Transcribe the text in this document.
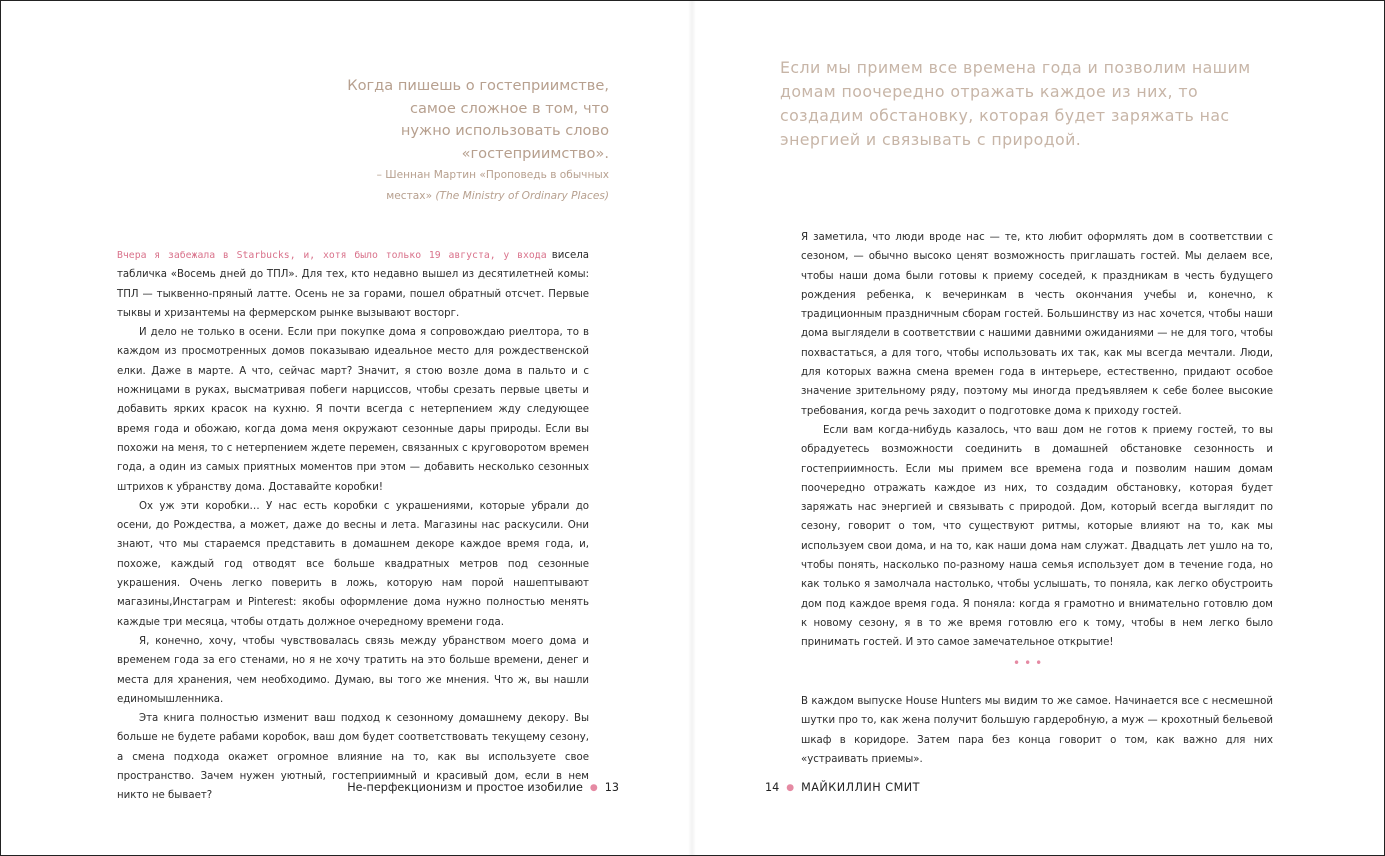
Когда пишешь о гостеприимстве,
самое сложное в том, что
нужно использовать слово
«гостеприимство».
– Шеннан Мартин «Проповедь в обычных местах» (The Ministry of Ordinary Places)

Вчера я забежала в Starbucks, и, хотя было только 19 августа, у входа висела табличка «Восемь дней до ТПЛ». Для тех, кто недавно вышел из десятилетней комы: ТПЛ — тыквенно-пряный латте. Осень не за горами, пошел обратный отсчет. Первые тыквы и хризантемы на фермерском рынке вызывают восторг.

И дело не только в осени. Если при покупке дома я сопровождаю риелтора, то в каждом из просмотренных домов показываю идеальное место для рождественской елки. Даже в марте. А что, сейчас март? Значит, я стою возле дома в пальто и с ножницами в руках, высматривая побеги нарциссов, чтобы срезать первые цветы и добавить ярких красок на кухню. Я почти всегда с нетерпением жду следующее время года и обожаю, когда дома меня окружают сезонные дары природы. Если вы похожи на меня, то с нетерпением ждете перемен, связанных с круговоротом времен года, а один из самых приятных моментов при этом — добавить несколько сезонных штрихов к убранству дома. Доставайте коробки!

Ох уж эти коробки… У нас есть коробки с украшениями, которые убрали до осени, до Рождества, а может, даже до весны и лета. Магазины нас раскусили. Они знают, что мы стараемся представить в домашнем декоре каждое время года, и, похоже, каждый год отводят все больше квадратных метров под сезонные украшения. Очень легко поверить в ложь, которую нам порой нашептывают магазины,Инстаграм и Pinterest: якобы оформление дома нужно полностью менять каждые три месяца, чтобы отдать должное очередному времени года.

Я, конечно, хочу, чтобы чувствовалась связь между убранством моего дома и временем года за его стенами, но я не хочу тратить на это больше времени, денег и места для хранения, чем необходимо. Думаю, вы того же мнения. Что ж, вы нашли единомышленника.

Эта книга полностью изменит ваш подход к сезонному домашнему декору. Вы больше не будете рабами коробок, ваш дом будет соответствовать текущему сезону, а смена подхода окажет огромное влияние на то, как вы используете свое пространство. Зачем нужен уютный, гостеприимный и красивый дом, если в нем никто не бывает?

Не-перфекционизм и простое изобилие ● 13
Если мы примем все времена года и позволим нашим домам поочередно отражать каждое из них, то создадим обстановку, которая будет заряжать нас энергией и связывать с природой.

Я заметила, что люди вроде нас — те, кто любит оформлять дом в соответствии с сезоном, — обычно высоко ценят возможность приглашать гостей. Мы делаем все, чтобы наши дома были готовы к приему соседей, к праздникам в честь будущего рождения ребенка, к вечеринкам в честь окончания учебы и, конечно, к традиционным праздничным сборам гостей. Большинству из нас хочется, чтобы наши дома выглядели в соответствии с нашими давними ожиданиями — не для того, чтобы похвастаться, а для того, чтобы использовать их так, как мы всегда мечтали. Люди, для которых важна смена времен года в интерьере, естественно, придают особое значение зрительному ряду, поэтому мы иногда предъявляем к себе более высокие требования, когда речь заходит о подготовке дома к приходу гостей.

Если вам когда-нибудь казалось, что ваш дом не готов к приему гостей, то вы обрадуетесь возможности соединить в домашней обстановке сезонность и гостеприимность. Если мы примем все времена года и позволим нашим домам поочередно отражать каждое из них, то создадим обстановку, которая будет заряжать нас энергией и связывать с природой. Дом, который всегда выглядит по сезону, говорит о том, что существуют ритмы, которые влияют на то, как мы используем свои дома, и на то, как наши дома нам служат. Двадцать лет ушло на то, чтобы понять, насколько по-разному наша семья использует дом в течение года, но как только я замолчала настолько, чтобы услышать, то поняла, как легко обустроить дом под каждое время года. Я поняла: когда я грамотно и внимательно готовлю дом к новому сезону, я в то же время готовлю его к тому, чтобы в нем легко было принимать гостей. И это самое замечательное открытие!

•••

В каждом выпуске House Hunters мы видим то же самое. Начинается все с несмешной шутки про то, как жена получит большую гардеробную, а муж — крохотный бельевой шкаф в коридоре. Затем пара без конца говорит о том, как важно для них «устраивать приемы».

14 ● МАЙКИЛЛИН СМИТ
